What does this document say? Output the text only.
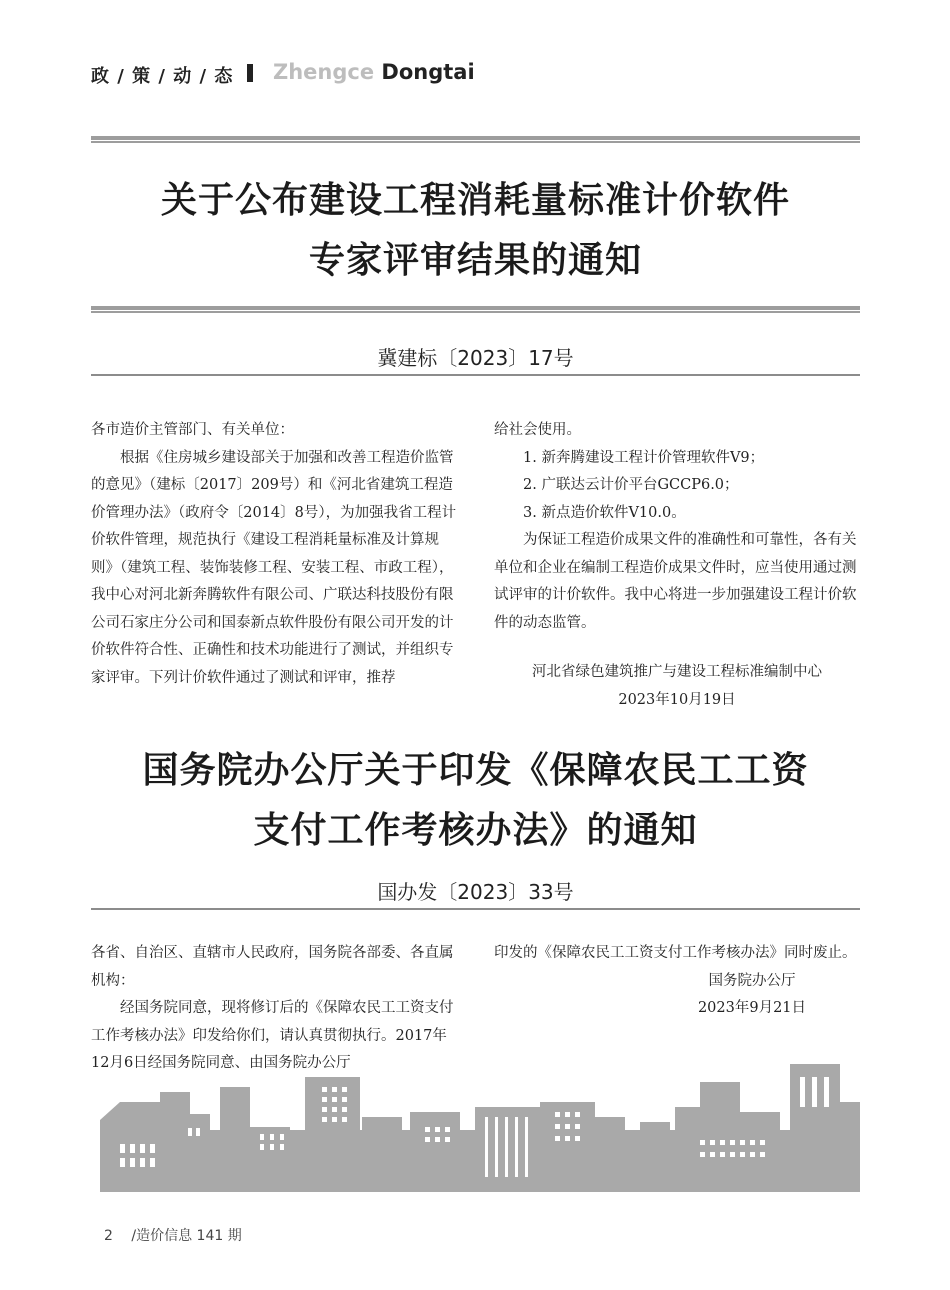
政 / 策 / 动 / 态 Zhengce Dongtai
关于公布建设工程消耗量标准计价软件
专家评审结果的通知
冀建标〔2023〕17号

各市造价主管部门、有关单位：

根据《住房城乡建设部关于加强和改善工程造价监管的意见》（建标〔2017〕209号）和《河北省建筑工程造价管理办法》（政府令〔2014〕8号），为加强我省工程计价软件管理，规范执行《建设工程消耗量标准及计算规则》（建筑工程、装饰装修工程、安装工程、市政工程），我中心对河北新奔腾软件有限公司、广联达科技股份有限公司石家庄分公司和国泰新点软件股份有限公司开发的计价软件符合性、正确性和技术功能进行了测试，并组织专家评审。下列计价软件通过了测试和评审，推荐

给社会使用。

1. 新奔腾建设工程计价管理软件V9；

2. 广联达云计价平台GCCP6.0；

3. 新点造价软件V10.0。

为保证工程造价成果文件的准确性和可靠性，各有关单位和企业在编制工程造价成果文件时，应当使用通过测试评审的计价软件。我中心将进一步加强建设工程计价软件的动态监管。

河北省绿色建筑推广与建设工程标准编制中心

2023年10月19日

国务院办公厅关于印发《保障农民工工资
支付工作考核办法》的通知
国办发〔2023〕33号

各省、自治区、直辖市人民政府，国务院各部委、各直属机构：

经国务院同意，现将修订后的《保障农民工工资支付工作考核办法》印发给你们，请认真贯彻执行。2017年12月6日经国务院同意、由国务院办公厅

印发的《保障农民工工资支付工作考核办法》同时废止。

国务院办公厅

2023年9月21日

2 /造价信息 141 期
